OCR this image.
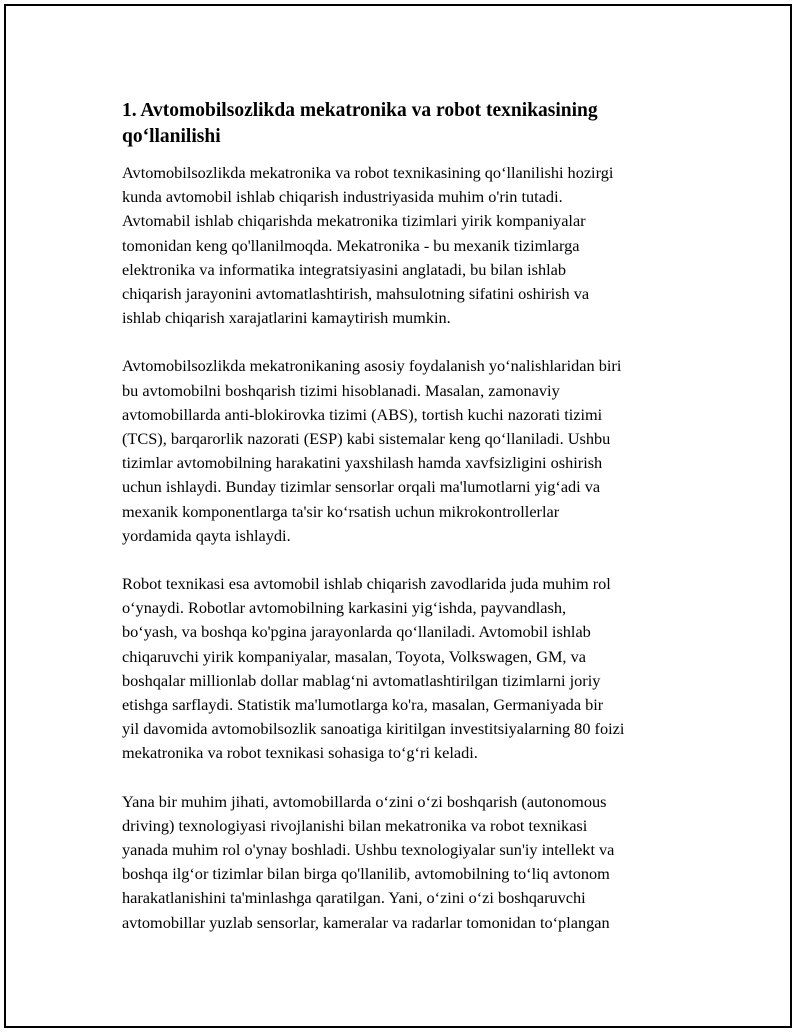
1. Avtomobilsozlikda mekatronika va robot texnikasining
qo‘llanilishi
Avtomobilsozlikda mekatronika va robot texnikasining qo‘llanilishi hozirgi
kunda avtomobil ishlab chiqarish industriyasida muhim o'rin tutadi.
Avtomabil ishlab chiqarishda mekatronika tizimlari yirik kompaniyalar
tomonidan keng qo'llanilmoqda. Mekatronika - bu mexanik tizimlarga
elektronika va informatika integratsiyasini anglatadi, bu bilan ishlab
chiqarish jarayonini avtomatlashtirish, mahsulotning sifatini oshirish va
ishlab chiqarish xarajatlarini kamaytirish mumkin.
Avtomobilsozlikda mekatronikaning asosiy foydalanish yo‘nalishlaridan biri
bu avtomobilni boshqarish tizimi hisoblanadi. Masalan, zamonaviy
avtomobillarda anti-blokirovka tizimi (ABS), tortish kuchi nazorati tizimi
(TCS), barqarorlik nazorati (ESP) kabi sistemalar keng qo‘llaniladi. Ushbu
tizimlar avtomobilning harakatini yaxshilash hamda xavfsizligini oshirish
uchun ishlaydi. Bunday tizimlar sensorlar orqali ma'lumotlarni yig‘adi va
mexanik komponentlarga ta'sir ko‘rsatish uchun mikrokontrollerlar
yordamida qayta ishlaydi.
Robot texnikasi esa avtomobil ishlab chiqarish zavodlarida juda muhim rol
o‘ynaydi. Robotlar avtomobilning karkasini yig‘ishda, payvandlash,
bo‘yash, va boshqa ko'pgina jarayonlarda qo‘llaniladi. Avtomobil ishlab
chiqaruvchi yirik kompaniyalar, masalan, Toyota, Volkswagen, GM, va
boshqalar millionlab dollar mablag‘ni avtomatlashtirilgan tizimlarni joriy
etishga sarflaydi. Statistik ma'lumotlarga ko'ra, masalan, Germaniyada bir
yil davomida avtomobilsozlik sanoatiga kiritilgan investitsiyalarning 80 foizi
mekatronika va robot texnikasi sohasiga to‘g‘ri keladi.
Yana bir muhim jihati, avtomobillarda o‘zini o‘zi boshqarish (autonomous
driving) texnologiyasi rivojlanishi bilan mekatronika va robot texnikasi
yanada muhim rol o'ynay boshladi. Ushbu texnologiyalar sun'iy intellekt va
boshqa ilg‘or tizimlar bilan birga qo'llanilib, avtomobilning to‘liq avtonom
harakatlanishini ta'minlashga qaratilgan. Yani, o‘zini o‘zi boshqaruvchi
avtomobillar yuzlab sensorlar, kameralar va radarlar tomonidan to‘plangan
